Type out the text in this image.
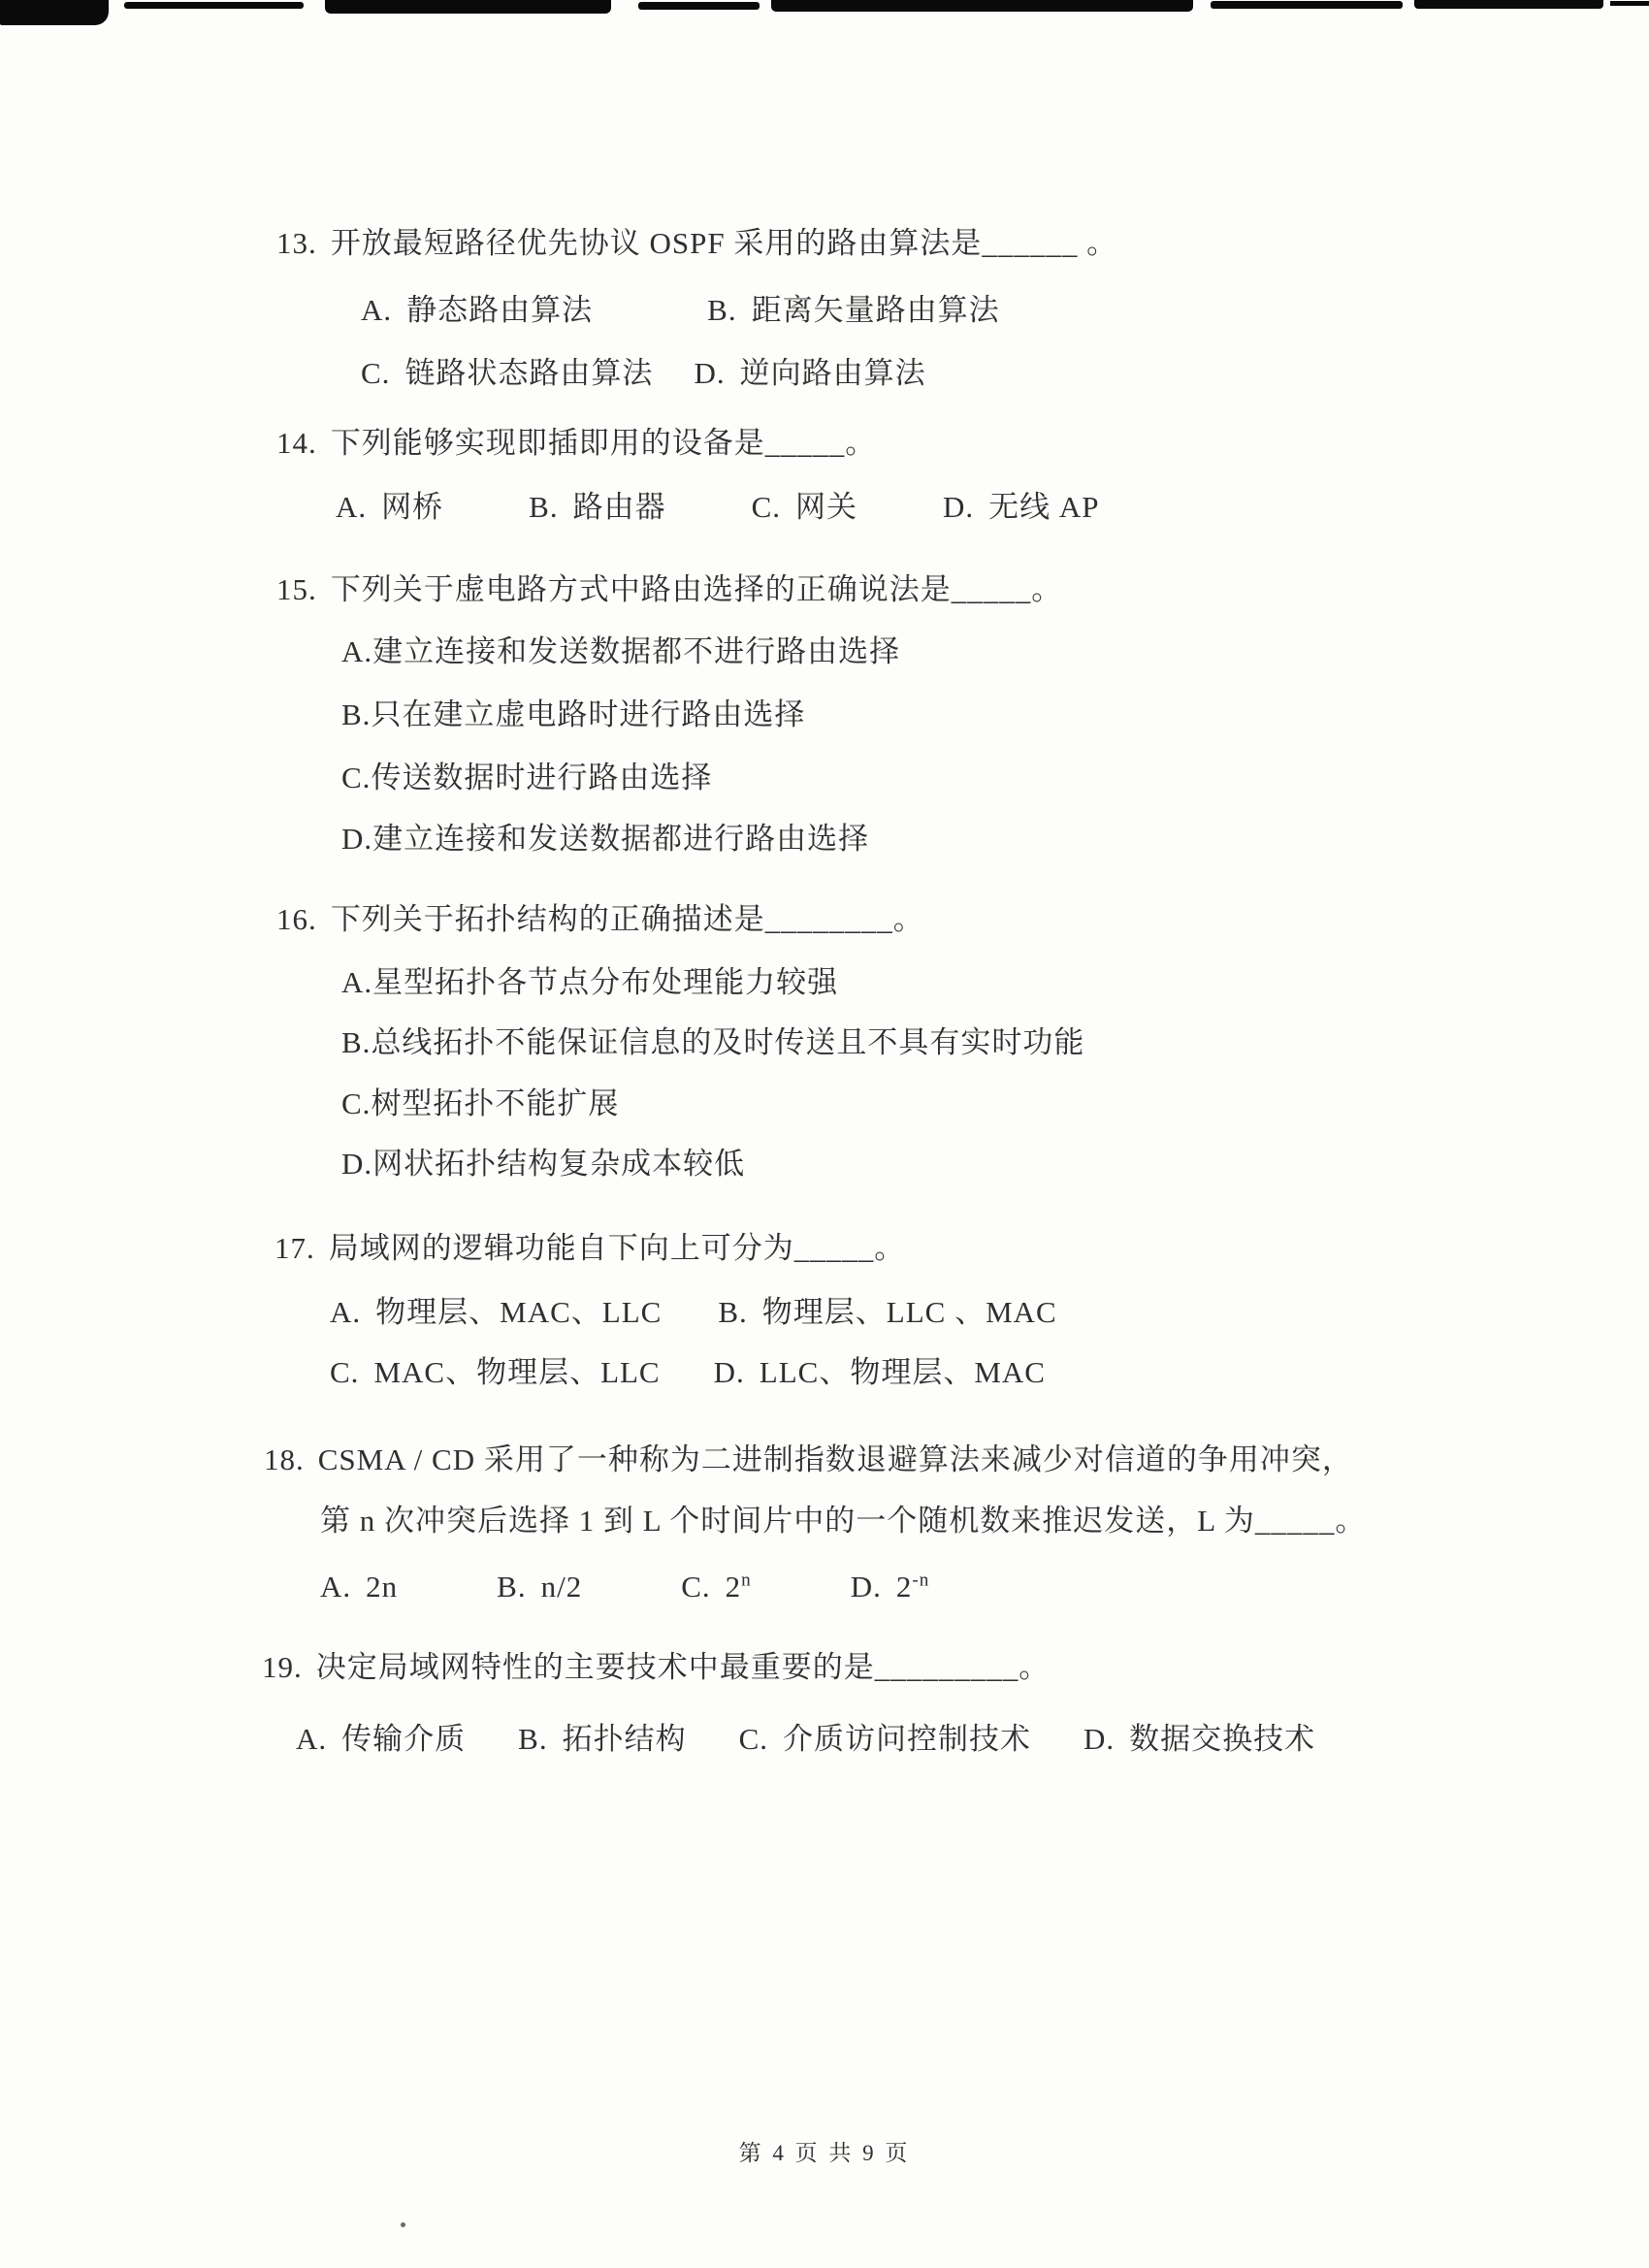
13. 开放最短路径优先协议 OSPF 采用的路由算法是______ 。
A. 静态路由算法	B. 距离矢量路由算法
C. 链路状态路由算法 D. 逆向路由算法
14. 下列能够实现即插即用的设备是_____。
A. 网桥	B. 路由器	C. 网关	D. 无线 AP
15. 下列关于虚电路方式中路由选择的正确说法是_____。
A.建立连接和发送数据都不进行路由选择
B.只在建立虚电路时进行路由选择
C.传送数据时进行路由选择
D.建立连接和发送数据都进行路由选择
16. 下列关于拓扑结构的正确描述是________。
A.星型拓扑各节点分布处理能力较强
B.总线拓扑不能保证信息的及时传送且不具有实时功能
C.树型拓扑不能扩展
D.网状拓扑结构复杂成本较低
17. 局域网的逻辑功能自下向上可分为_____。
A. 物理层、MAC、LLC B. 物理层、LLC 、MAC
C. MAC、物理层、LLC D. LLC、物理层、MAC
18. CSMA / CD 采用了一种称为二进制指数退避算法来减少对信道的争用冲突，
第 n 次冲突后选择 1 到 L 个时间片中的一个随机数来推迟发送，L 为_____。
A. 2n	B. n/2	C. 2$^n$	D. $2^{-n}$
19. 决定局域网特性的主要技术中最重要的是_________。
A. 传输介质 B. 拓扑结构 C. 介质访问控制技术 D. 数据交换技术
第 4 页 共 9 页
